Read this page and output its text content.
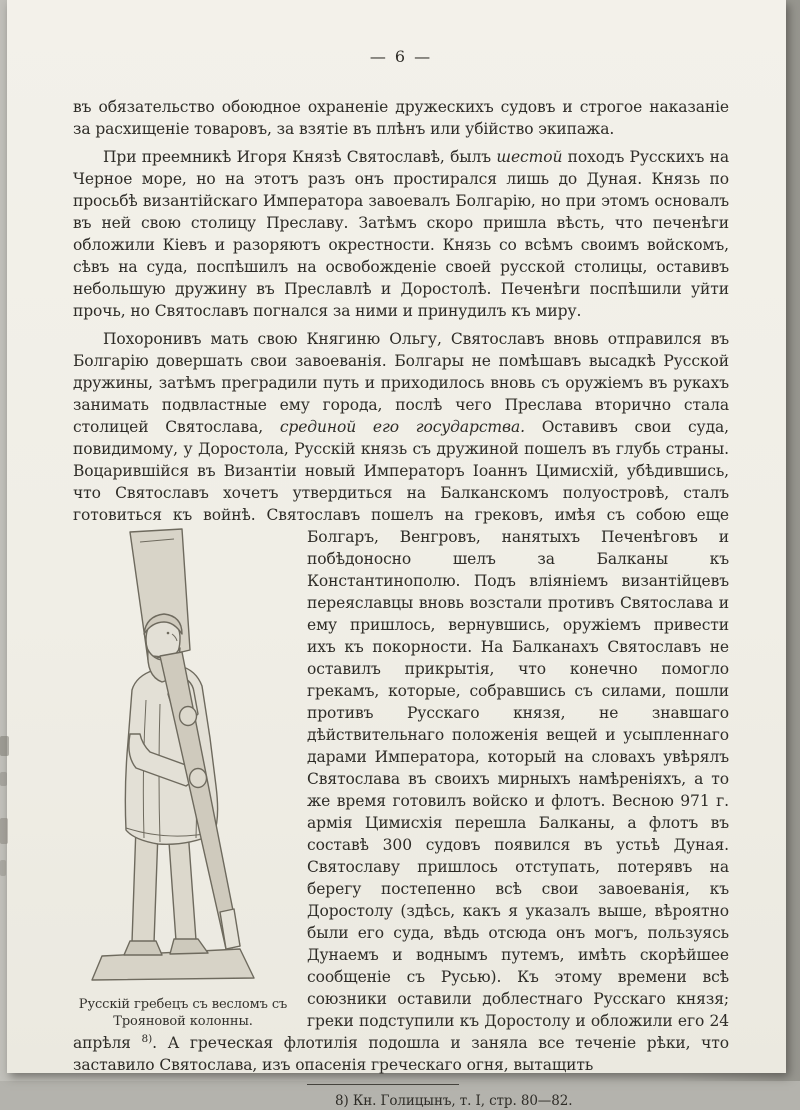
— 6 —
въ обязательство обоюдное охраненіе дружескихъ судовъ и строгое наказаніе за расхищеніе товаровъ, за взятіе въ плѣнъ или убійство экипажа.
При преемникѣ Игоря Князѣ Святославѣ, былъ шестой походъ Русскихъ на Черное море, но на этотъ разъ онъ простирался лишь до Дуная. Князь по просьбѣ византійскаго Императора завоевалъ Болгарію, но при этомъ основалъ въ ней свою столицу Преславу. Затѣмъ скоро пришла вѣсть, что печенѣги обложили Кіевъ и разоряютъ окрестности. Князь со всѣмъ своимъ войскомъ, сѣвъ на суда, поспѣшилъ на освобожденіе своей русской столицы, оставивъ небольшую дружину въ Преславлѣ и Доростолѣ. Печенѣги поспѣшили уйти прочь, но Святославъ погнался за ними и принудилъ къ миру.
Похоронивъ мать свою Княгиню Ольгу, Святославъ вновь отправился въ Болгарію довершать свои завоеванія. Болгары не помѣшавъ высадкѣ Русской дружины, затѣмъ преградили путь и приходилось вновь съ оружіемъ въ рукахъ занимать подвластные ему города, послѣ чего Преслава вторично стала столицей Святослава, срединой его государства. Оставивъ свои суда, повидимому, у Доростола, Русскій князь съ дружиной пошелъ въ глубь страны. Воцарившійся въ Византіи новый Императоръ Іоаннъ Цимисхій, убѣдившись, что Святославъ хочетъ утвердиться на Балканскомъ полуостровѣ, сталъ готовиться къ войнѣ. Святославъ пошелъ на грековъ, имѣя съ собою еще Болгаръ, Венгровъ, нанятыхъ
Русскій гребецъ съ весломъ съ
Трояновой колонны.
Печенѣговъ и побѣдоносно шелъ за Балканы къ Константинополю. Подъ вліяніемъ византійцевъ переяславцы вновь возстали противъ Святослава и ему пришлось, вернувшись, оружіемъ привести ихъ къ покорности. На Балканахъ Святославъ не оставилъ прикрытія, что конечно помогло грекамъ, которые, собравшись съ силами, пошли противъ Русскаго князя, не знавшаго дѣйствительнаго положенія вещей и усыпленнаго дарами Императора, который на словахъ увѣрялъ Святослава въ своихъ мирныхъ намѣреніяхъ, а то же время готовилъ войско и флотъ. Весною 971 г. армія Цимисхія перешла Балканы, а флотъ въ составѣ 300 судовъ появился въ устьѣ Дуная. Святославу пришлось отступать, потерявъ на берегу постепенно всѣ свои завоеванія, къ Доростолу (здѣсь, какъ я указалъ выше, вѣроятно были его суда, вѣдь отсюда онъ могъ, пользуясь Дунаемъ и воднымъ путемъ, имѣть скорѣйшее сообщеніе съ Русью). Къ этому времени всѣ союзники оставили доблестнаго Русскаго князя; греки подступили къ Доростолу и обложили его 24 апрѣля $^{8)}$. А греческая флотилія подошла и заняла все теченіе рѣки, что заставило Святослава, изъ опасенія греческаго огня, вытащить
8) Кн. Голицынъ, т. I, стр. 80—82.
